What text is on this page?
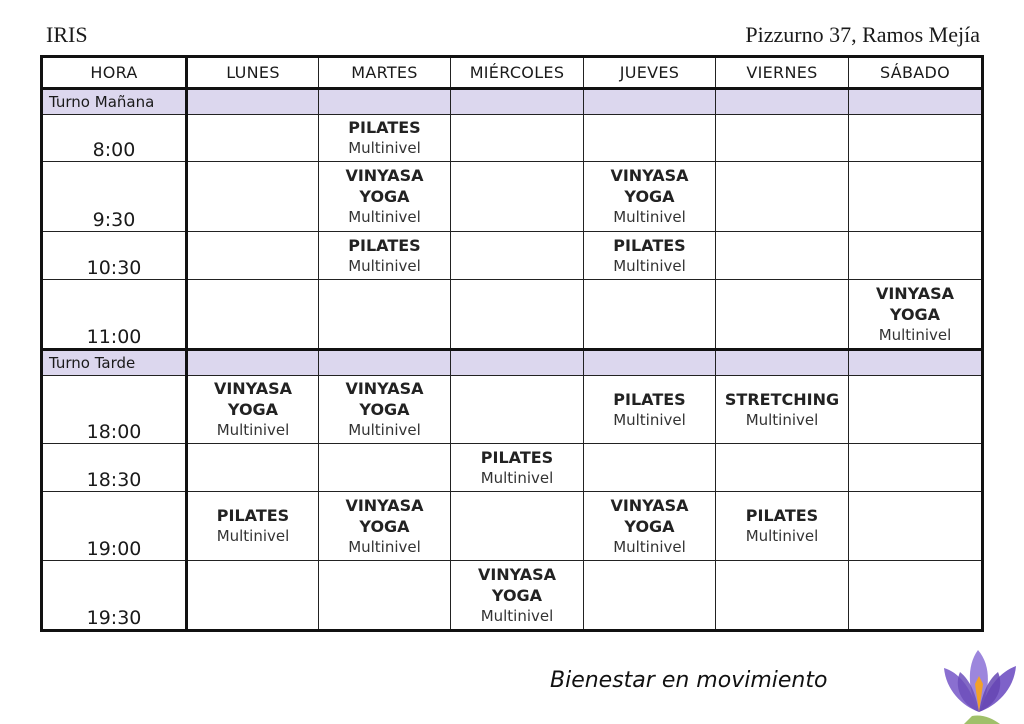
IRIS	Pizzurno 37, Ramos Mejía
HORA	LUNES	MARTES	MIÉRCOLES	JUEVES	VIERNES	SÁBADO
Turno Mañana						
8:00		PILATES
Multinivel				

9:30		VINYASA
YOGA
Multinivel		VINYASA
YOGA
Multinivel		

10:30		PILATES
Multinivel		PILATES
Multinivel		

11:00						VINYASA
YOGA
Multinivel

Turno Tarde						
18:00	VINYASA
YOGA
Multinivel	VINYASA
YOGA
Multinivel		PILATES
Multinivel	STRETCHING
Multinivel	

18:30			PILATES
Multinivel			

19:00	PILATES
Multinivel	VINYASA
YOGA
Multinivel		VINYASA
YOGA
Multinivel	PILATES
Multinivel	

19:30			VINYASA
YOGA
Multinivel			

Bienestar en movimiento
